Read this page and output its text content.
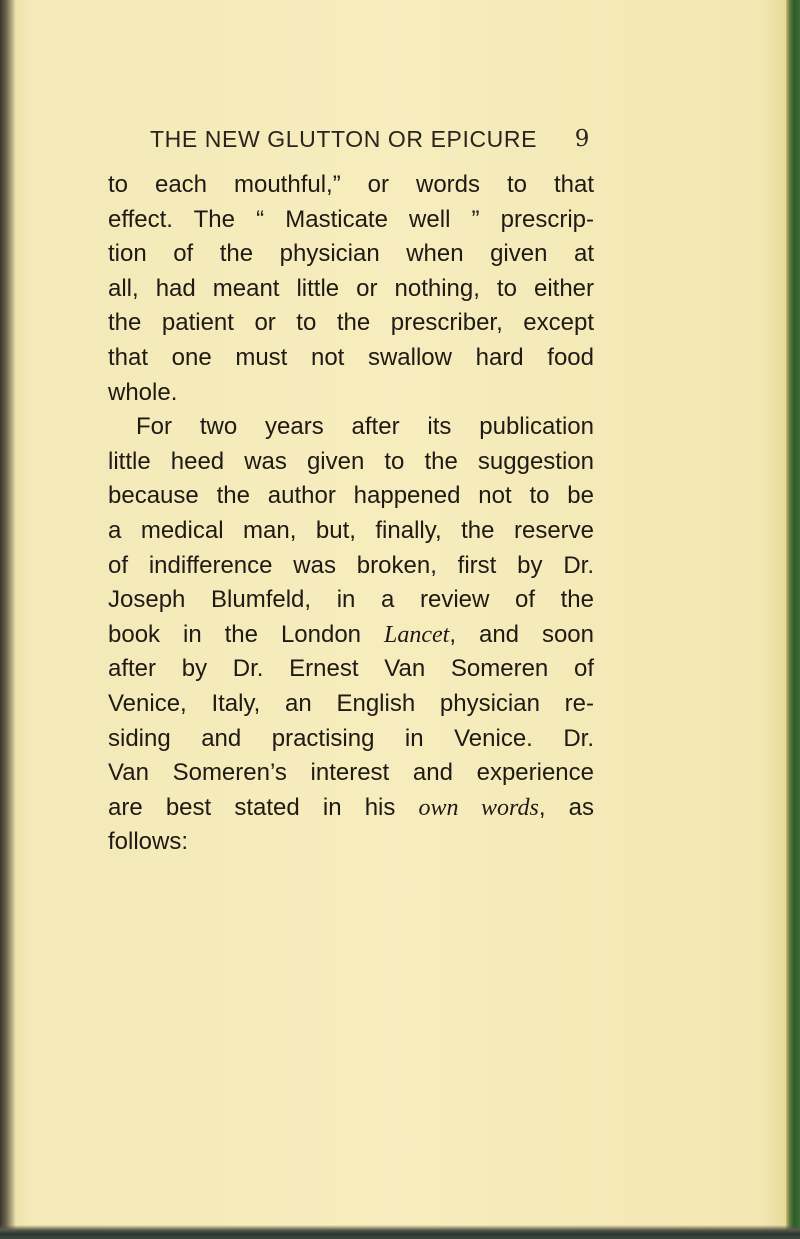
THE NEW GLUTTON OR EPICURE 9
to each mouthful,” or words to that
effect. The “ Masticate well ” prescrip-
tion of the physician when given at
all, had meant little or nothing, to either
the patient or to the prescriber, except
that one must not swallow hard food
whole.
For two years after its publication
little heed was given to the suggestion
because the author happened not to be
a medical man, but, finally, the reserve
of indifference was broken, first by Dr.
Joseph Blumfeld, in a review of the
book in the London Lancet, and soon
after by Dr. Ernest Van Someren of
Venice, Italy, an English physician re-
siding and practising in Venice. Dr.
Van Someren’s interest and experience
are best stated in his own words, as
follows:
